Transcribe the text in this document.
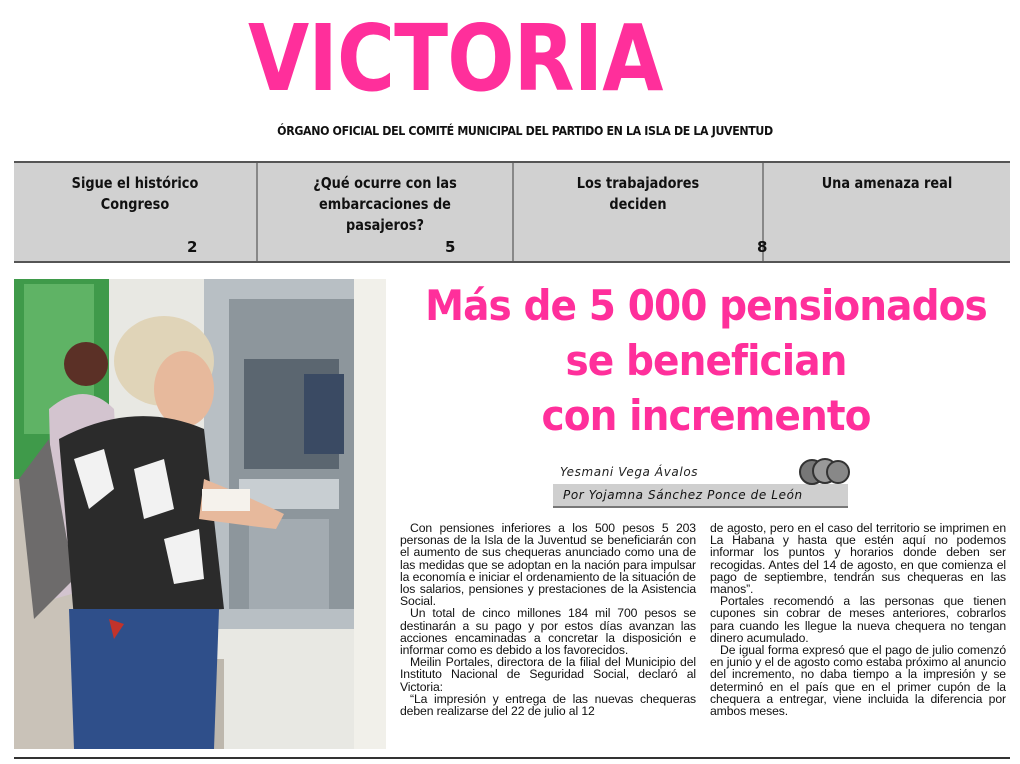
VICTORIA
ÓRGANO OFICIAL DEL COMITÉ MUNICIPAL DEL PARTIDO EN LA ISLA DE LA JUVENTUD
Sigue el histórico Congreso
2
¿Qué ocurre con las embarcaciones de pasajeros?
5
Los trabajadores deciden
8
Una amenaza real
Más de 5 000 pensionados
se benefician
con incremento
Yesmani Vega Ávalos
Por Yojamna Sánchez Ponce de León

Con pensiones inferiores a los 500 pesos 5 203 personas de la Isla de la Juventud se beneficiarán con el aumento de sus chequeras anunciado como una de las medidas que se adoptan en la nación para impulsar la economía e iniciar el ordenamiento de la situación de los salarios, pensiones y prestaciones de la Asistencia Social.

Un total de cinco millones 184 mil 700 pesos se destinarán a su pago y por estos días avanzan las acciones encaminadas a concretar la disposición e informar como es debido a los favorecidos.

Meilin Portales, directora de la filial del Municipio del Instituto Nacional de Seguridad Social, declaró al Victoria:

“La impresión y entrega de las nuevas chequeras deben realizarse del 22 de julio al 12

de agosto, pero en el caso del territorio se imprimen en La Habana y hasta que estén aquí no podemos informar los puntos y horarios donde deben ser recogidas. Antes del 14 de agosto, en que comienza el pago de septiembre, tendrán sus chequeras en las manos”.

Portales recomendó a las personas que tienen cupones sin cobrar de meses anteriores, cobrarlos para cuando les llegue la nueva chequera no tengan dinero acumulado.

De igual forma expresó que el pago de julio comenzó en junio y el de agosto como estaba próximo al anuncio del incremento, no daba tiempo a la impresión y se determinó en el país que en el primer cupón de la chequera a entregar, viene incluida la diferencia por ambos meses.
